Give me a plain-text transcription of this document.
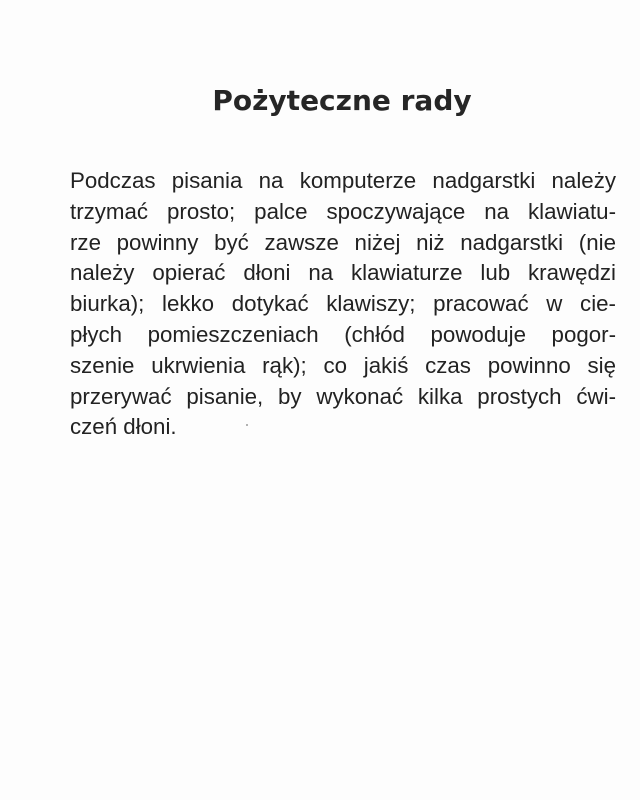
Pożyteczne rady
Podczas pisania na komputerze nadgarstki należy
trzymać prosto; palce spoczywające na klawiatu-
rze powinny być zawsze niżej niż nadgarstki (nie
należy opierać dłoni na klawiaturze lub krawędzi
biurka); lekko dotykać klawiszy; pracować w cie-
płych pomieszczeniach (chłód powoduje pogor-
szenie ukrwienia rąk); co jakiś czas powinno się
przerywać pisanie, by wykonać kilka prostych ćwi-
czeń dłoni.
